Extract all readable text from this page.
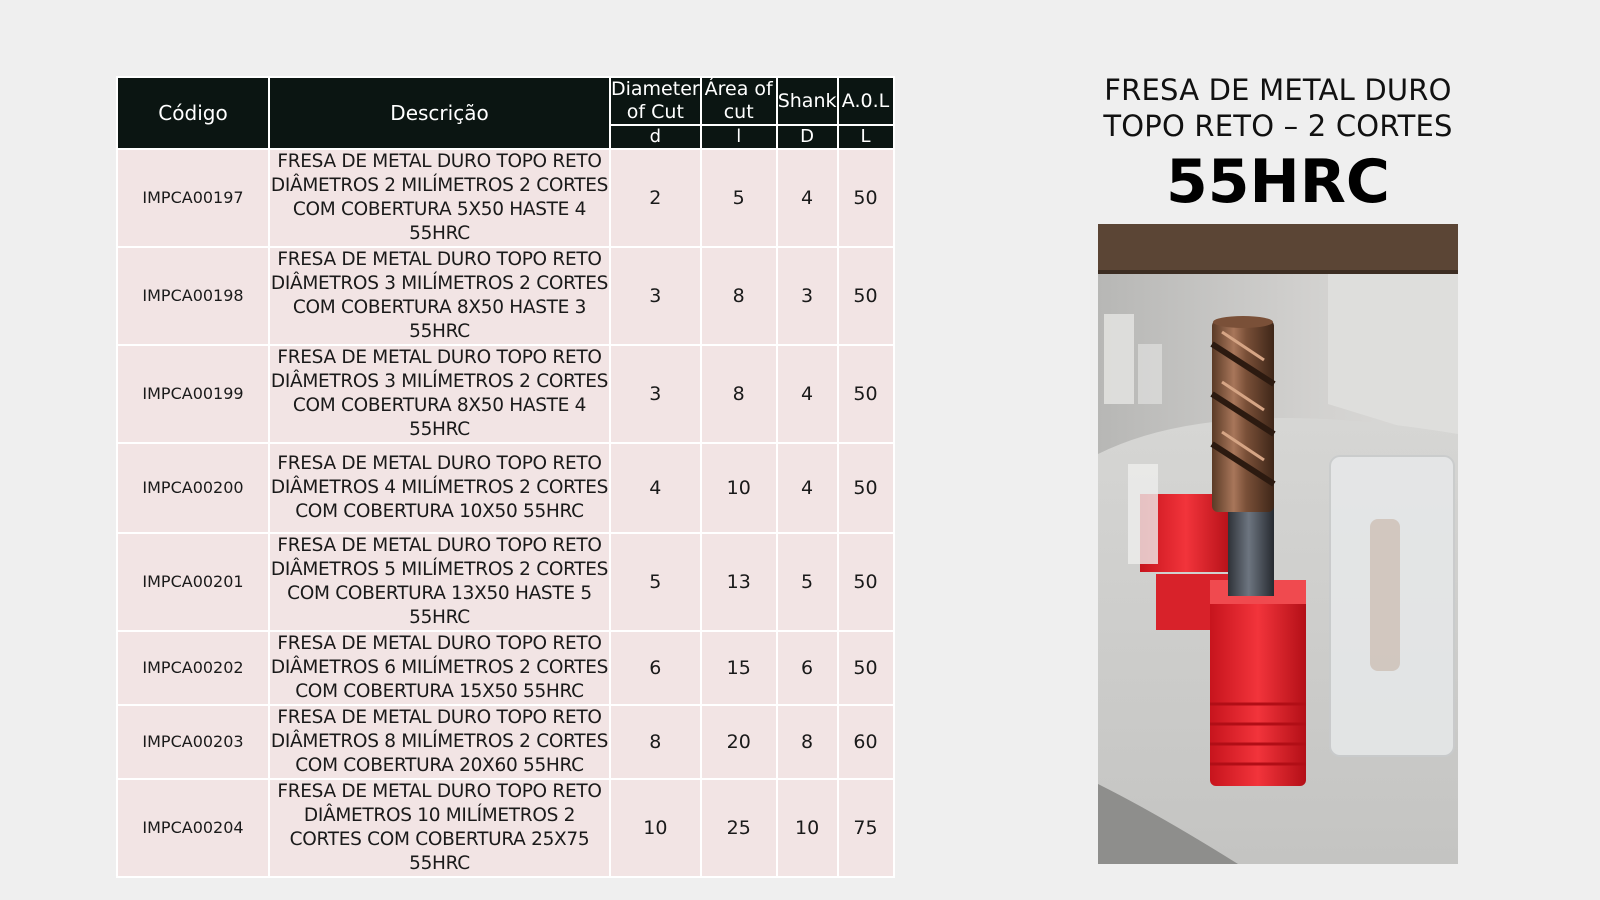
Código	Descrição	Diameter of Cut	Área of cut	Shank	A.0.L
		d	l	D	L
IMPCA00197	FRESA DE METAL DURO TOPO RETO DIÂMETROS 2 MILÍMETROS 2 CORTES COM COBERTURA 5X50 HASTE 4 55HRC	2	5	4	50
IMPCA00198	FRESA DE METAL DURO TOPO RETO DIÂMETROS 3 MILÍMETROS 2 CORTES COM COBERTURA 8X50 HASTE 3 55HRC	3	8	3	50
IMPCA00199	FRESA DE METAL DURO TOPO RETO DIÂMETROS 3 MILÍMETROS 2 CORTES COM COBERTURA 8X50 HASTE 4 55HRC	3	8	4	50
IMPCA00200	FRESA DE METAL DURO TOPO RETO DIÂMETROS 4 MILÍMETROS 2 CORTES COM COBERTURA 10X50 55HRC	4	10	4	50
IMPCA00201	FRESA DE METAL DURO TOPO RETO DIÂMETROS 5 MILÍMETROS 2 CORTES COM COBERTURA 13X50 HASTE 5 55HRC	5	13	5	50
IMPCA00202	FRESA DE METAL DURO TOPO RETO DIÂMETROS 6 MILÍMETROS 2 CORTES COM COBERTURA 15X50 55HRC	6	15	6	50
IMPCA00203	FRESA DE METAL DURO TOPO RETO DIÂMETROS 8 MILÍMETROS 2 CORTES COM COBERTURA 20X60 55HRC	8	20	8	60
IMPCA00204	FRESA DE METAL DURO TOPO RETO DIÂMETROS 10 MILÍMETROS 2 CORTES COM COBERTURA 25X75 55HRC	10	25	10	75
FRESA DE METAL DURO
TOPO RETO – 2 CORTES
55HRC
